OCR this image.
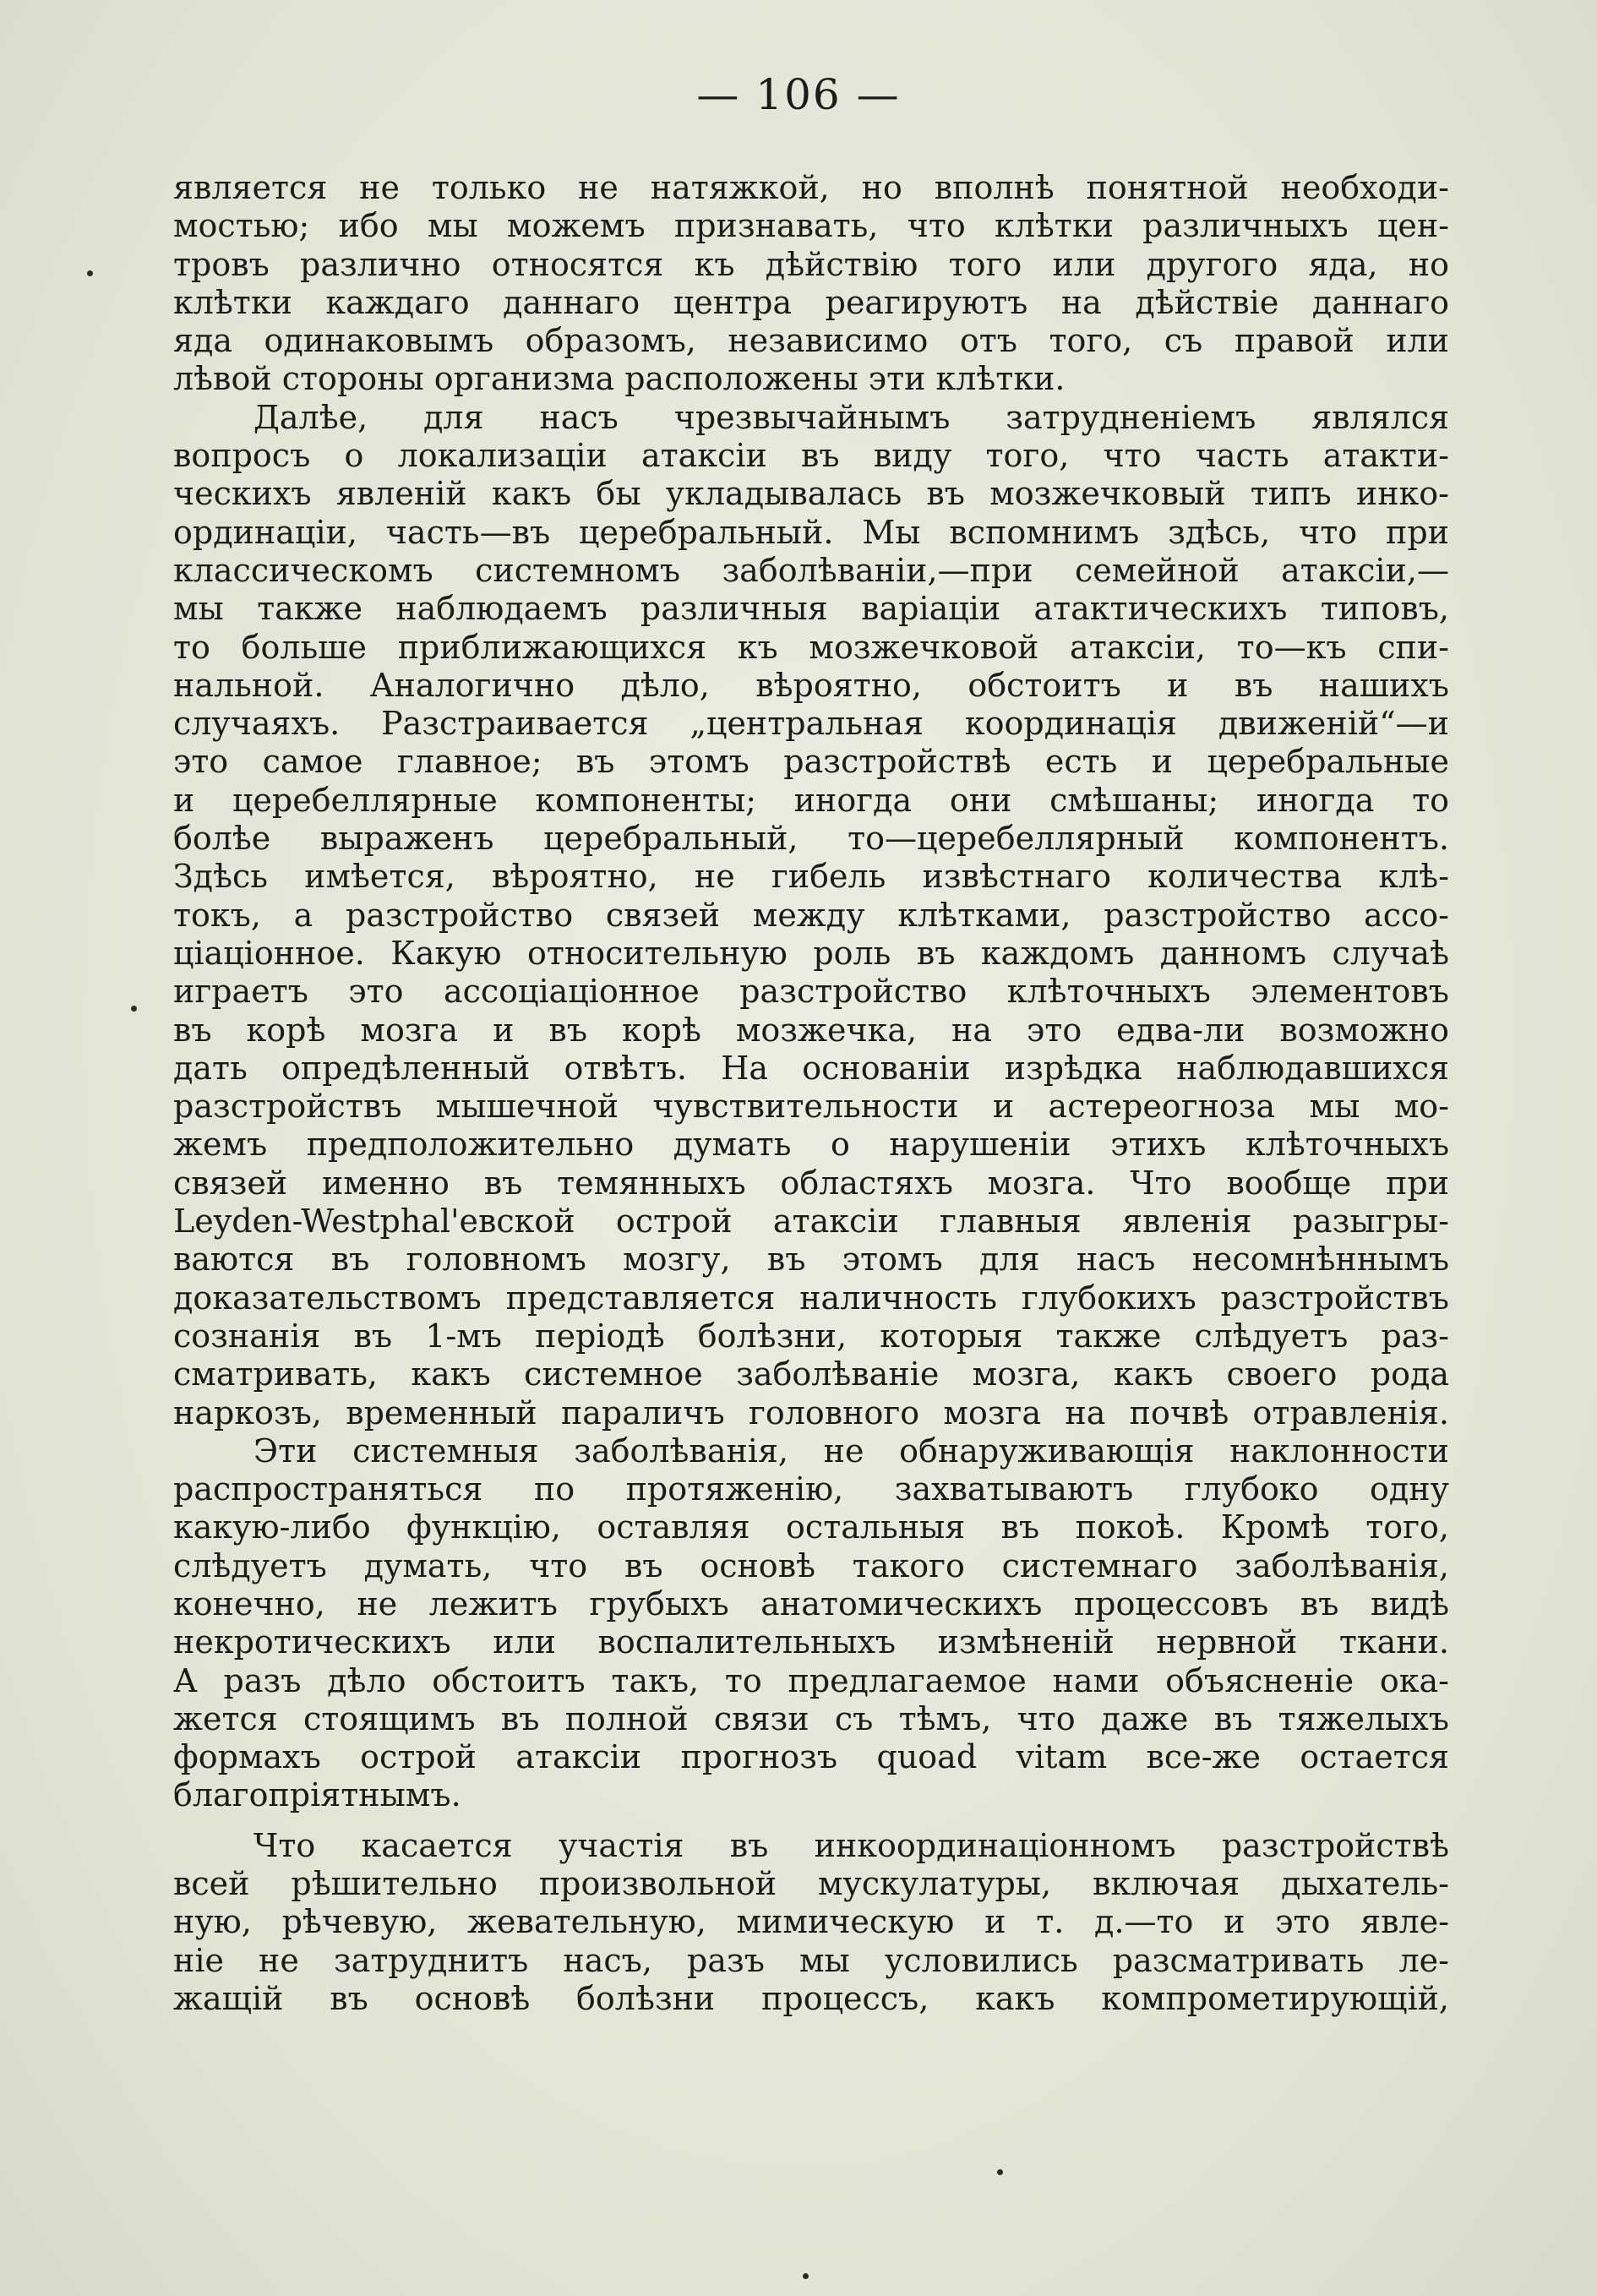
— 106 —
является не только не натяжкой, но вполнѣ понятной необходи-
мостью; ибо мы можемъ признавать, что клѣтки различныхъ цен-
тровъ различно относятся къ дѣйствію того или другого яда, но
клѣтки каждаго даннаго центра реагируютъ на дѣйствіе даннаго
яда одинаковымъ образомъ, независимо отъ того, съ правой или
лѣвой стороны организма расположены эти клѣтки.
Далѣе, для насъ чрезвычайнымъ затрудненіемъ являлся
вопросъ о локализаціи атаксіи въ виду того, что часть атакти-
ческихъ явленій какъ бы укладывалась въ мозжечковый типъ инко-
ординаціи, часть—въ церебральный. Мы вспомнимъ здѣсь, что при
классическомъ системномъ заболѣваніи,—при семейной атаксіи,—
мы также наблюдаемъ различныя варіаціи атактическихъ типовъ,
то больше приближающихся къ мозжечковой атаксіи, то—къ спи-
нальной. Аналогично дѣло, вѣроятно, обстоитъ и въ нашихъ
случаяхъ. Разстраивается „центральная координація движеній“—и
это самое главное; въ этомъ разстройствѣ есть и церебральные
и церебеллярные компоненты; иногда они смѣшаны; иногда то
болѣе выраженъ церебральный, то—церебеллярный компонентъ.
Здѣсь имѣется, вѣроятно, не гибель извѣстнаго количества клѣ-
токъ, а разстройство связей между клѣтками, разстройство ассо-
ціаціонное. Какую относительную роль въ каждомъ данномъ случаѣ
играетъ это ассоціаціонное разстройство клѣточныхъ элементовъ
въ корѣ мозга и въ корѣ мозжечка, на это едва-ли возможно
дать опредѣленный отвѣтъ. На основаніи изрѣдка наблюдавшихся
разстройствъ мышечной чувствительности и астереогноза мы мо-
жемъ предположительно думать о нарушеніи этихъ клѣточныхъ
связей именно въ темянныхъ областяхъ мозга. Что вообще при
Leyden-Westphal'евской острой атаксіи главныя явленія разыгры-
ваются въ головномъ мозгу, въ этомъ для насъ несомнѣннымъ
доказательствомъ представляется наличность глубокихъ разстройствъ
сознанія въ 1-мъ періодѣ болѣзни, которыя также слѣдуетъ раз-
сматривать, какъ системное заболѣваніе мозга, какъ своего рода
наркозъ, временный параличъ головного мозга на почвѣ отравленія.
Эти системныя заболѣванія, не обнаруживающія наклонности
распространяться по протяженію, захватываютъ глубоко одну
какую-либо функцію, оставляя остальныя въ покоѣ. Кромѣ того,
слѣдуетъ думать, что въ основѣ такого системнаго заболѣванія,
конечно, не лежитъ грубыхъ анатомическихъ процессовъ въ видѣ
некротическихъ или воспалительныхъ измѣненій нервной ткани.
А разъ дѣло обстоитъ такъ, то предлагаемое нами объясненіе ока-
жется стоящимъ въ полной связи съ тѣмъ, что даже въ тяжелыхъ
формахъ острой атаксіи прогнозъ quoad vitam все-же остается
благопріятнымъ.
Что касается участія въ инкоординаціонномъ разстройствѣ
всей рѣшительно произвольной мускулатуры, включая дыхатель-
ную, рѣчевую, жевательную, мимическую и т. д.—то и это явле-
ніе не затруднитъ насъ, разъ мы условились разсматривать ле-
жащій въ основѣ болѣзни процессъ, какъ компрометирующій,
